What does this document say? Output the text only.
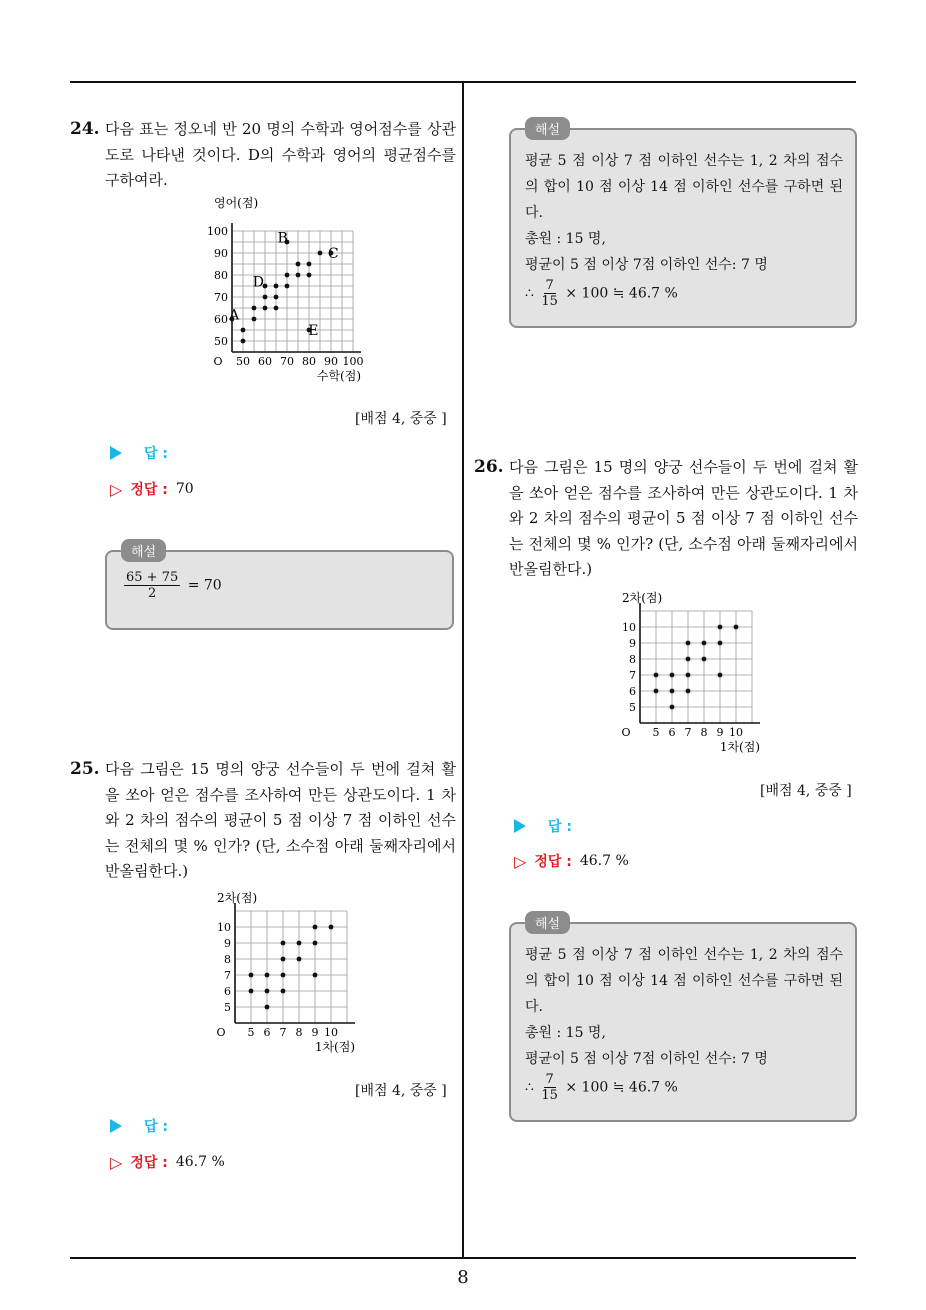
24. 다음 표는 정오네 반 20 명의 수학과 영어점수를 상관도로 나타낸 것이다. D의 수학과 영어의 평균점수를 구하여라.
50 60 70 80 90 100
50
60
70
80
90
100
O
영어(점)
수학(점)
A
B
C
D
E
[배점 4, 중중 ]
답 :
▷ 정답 : 70
해설
$\frac{65 + 75}{2} = 70$
25. 다음 그림은 15 명의 양궁 선수들이 두 번에 걸쳐 활을 쏘아 얻은 점수를 조사하여 만든 상관도이다. 1 차와 2 차의 점수의 평균이 5 점 이상 7 점 이하인 선수는 전체의 몇 % 인가? (단, 소수점 아래 둘째자리에서 반올림한다.)
5 6 7 8 9 10
5
6
7
8
9
10
O
2차(점)
1차(점)
[배점 4, 중중 ]
답 :
▷ 정답 : 46.7 %
해설
평균 5 점 이상 7 점 이하인 선수는 1, 2 차의 점수의 합이 10 점 이상 14 점 이하인 선수를 구하면 된다.
총원 : 15 명,
평균이 5 점 이상 7점 이하인 선수: 7 명
∴ $\frac{7}{15} \times 100$ ≒ 46.7 %
26. 다음 그림은 15 명의 양궁 선수들이 두 번에 걸쳐 활을 쏘아 얻은 점수를 조사하여 만든 상관도이다. 1 차와 2 차의 점수의 평균이 5 점 이상 7 점 이하인 선수는 전체의 몇 % 인가? (단, 소수점 아래 둘째자리에서 반올림한다.)
5 6 7 8 9 10
5
6
7
8
9
10
O
2차(점)
1차(점)
[배점 4, 중중 ]
답 :
▷ 정답 : 46.7 %
해설
평균 5 점 이상 7 점 이하인 선수는 1, 2 차의 점수의 합이 10 점 이상 14 점 이하인 선수를 구하면 된다.
총원 : 15 명,
평균이 5 점 이상 7점 이하인 선수: 7 명
∴ $\frac{7}{15} \times 100$ ≒ 46.7 %
8
